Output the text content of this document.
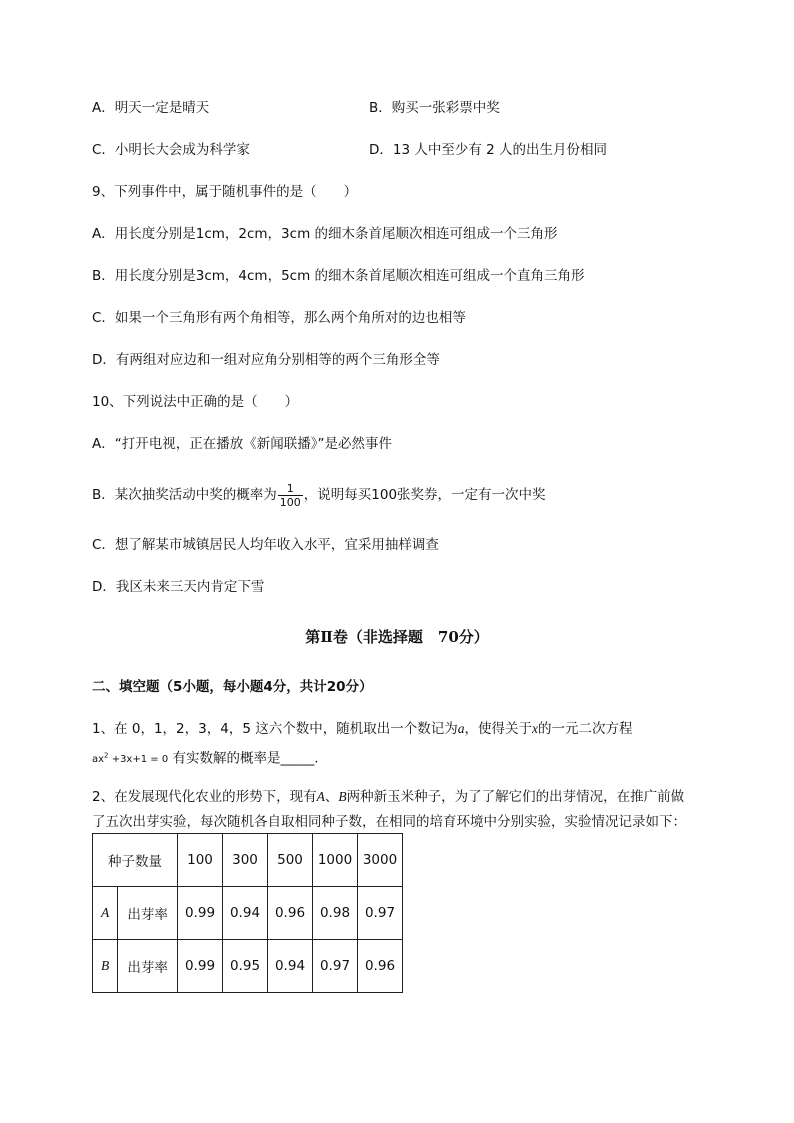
A．明天一定是晴天	B．购买一张彩票中奖
C．小明长大会成为科学家	D．13 人中至少有 2 人的出生月份相同
9、下列事件中，属于随机事件的是（　　）
A．用长度分别是1cm，2cm，3cm 的细木条首尾顺次相连可组成一个三角形
B．用长度分别是3cm，4cm，5cm 的细木条首尾顺次相连可组成一个直角三角形
C．如果一个三角形有两个角相等，那么两个角所对的边也相等
D．有两组对应边和一组对应角分别相等的两个三角形全等
10、下列说法中正确的是（　　）
A．“打开电视，正在播放《新闻联播》”是必然事件
B．某次抽奖活动中奖的概率为 $\frac{1}{100}$ ，说明每买100张奖券，一定有一次中奖
C．想了解某市城镇居民人均年收入水平，宜采用抽样调查
D．我区未来三天内肯定下雪
第Ⅱ卷（非选择题　70分）
二、填空题（5小题，每小题4分，共计20分）
1、在 0，1，2，3，4，5 这六个数中，随机取出一个数记为a，使得关于x的一元二次方程
$ax^2 +3x+1 = 0$ 有实数解的概率是_____.
2、在发展现代化农业的形势下，现有A、B两种新玉米种子，为了了解它们的出芽情况，在推广前做
了五次出芽实验，每次随机各自取相同种子数，在相同的培育环境中分别实验，实验情况记录如下：
种子数量		100	300	500	1000	3000
A	出芽率	0.99	0.94	0.96	0.98	0.97
B	出芽率	0.99	0.95	0.94	0.97	0.96
